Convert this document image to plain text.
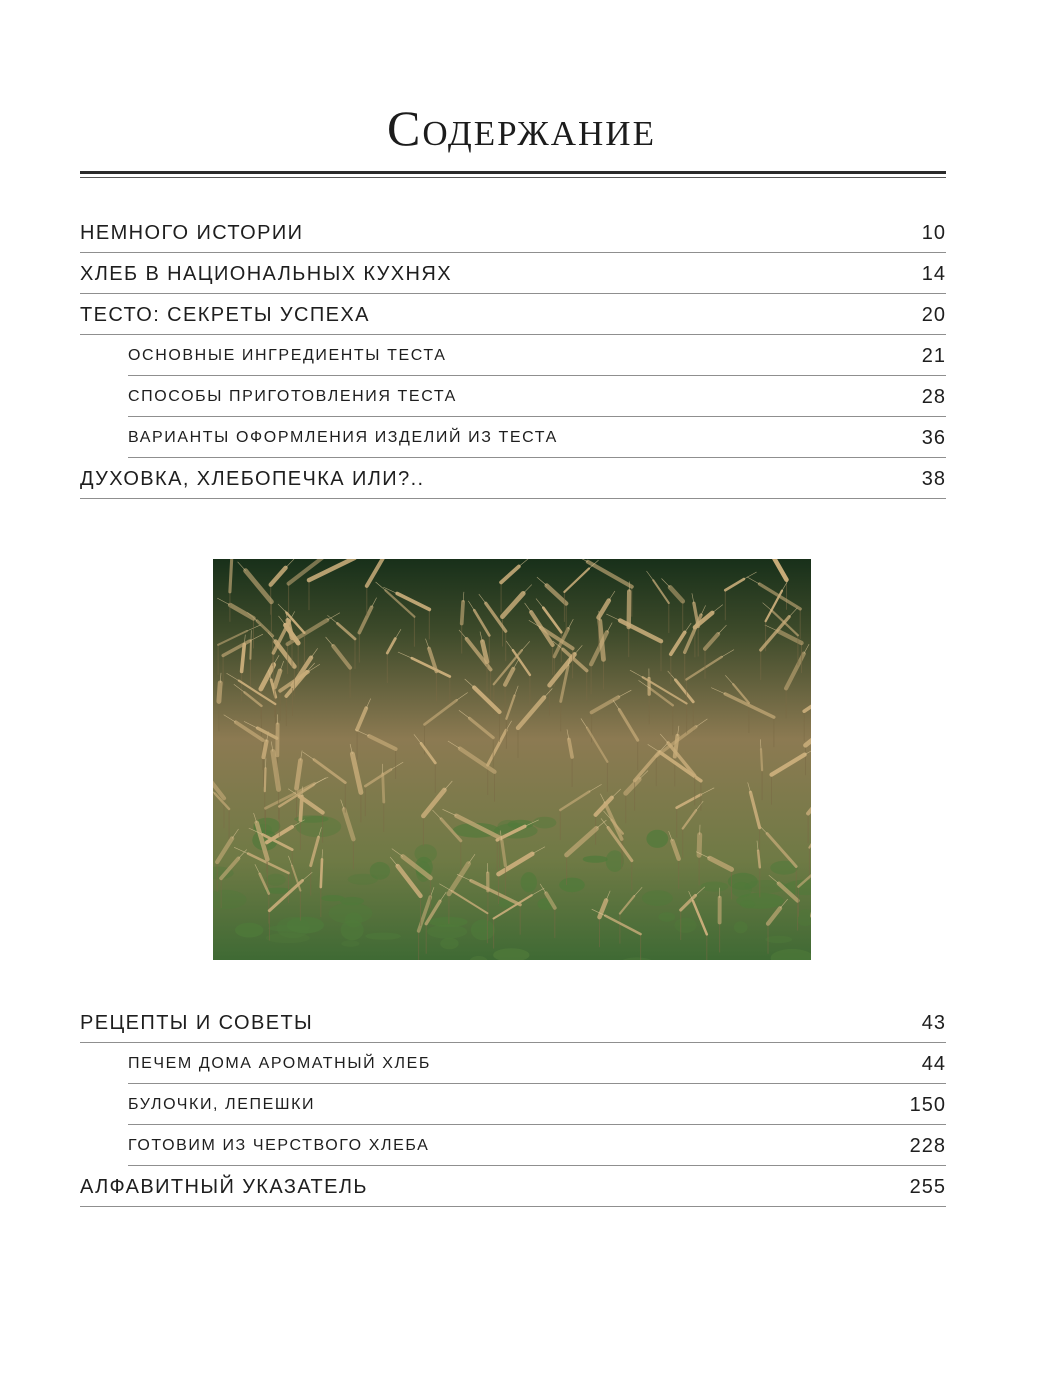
Содержание
НЕМНОГО ИСТОРИИ	10
ХЛЕБ В НАЦИОНАЛЬНЫХ КУХНЯХ	14
ТЕСТО: СЕКРЕТЫ УСПЕХА	20
ОСНОВНЫЕ ИНГРЕДИЕНТЫ ТЕСТА	21
СПОСОБЫ ПРИГОТОВЛЕНИЯ ТЕСТА	28
ВАРИАНТЫ ОФОРМЛЕНИЯ ИЗДЕЛИЙ ИЗ ТЕСТА	36
ДУХОВКА, ХЛЕБОПЕЧКА ИЛИ?..	38
РЕЦЕПТЫ И СОВЕТЫ	43
ПЕЧЕМ ДОМА АРОМАТНЫЙ ХЛЕБ	44
БУЛОЧКИ, ЛЕПЕШКИ	150
ГОТОВИМ ИЗ ЧЕРСТВОГО ХЛЕБА	228
АЛФАВИТНЫЙ УКАЗАТЕЛЬ	255
